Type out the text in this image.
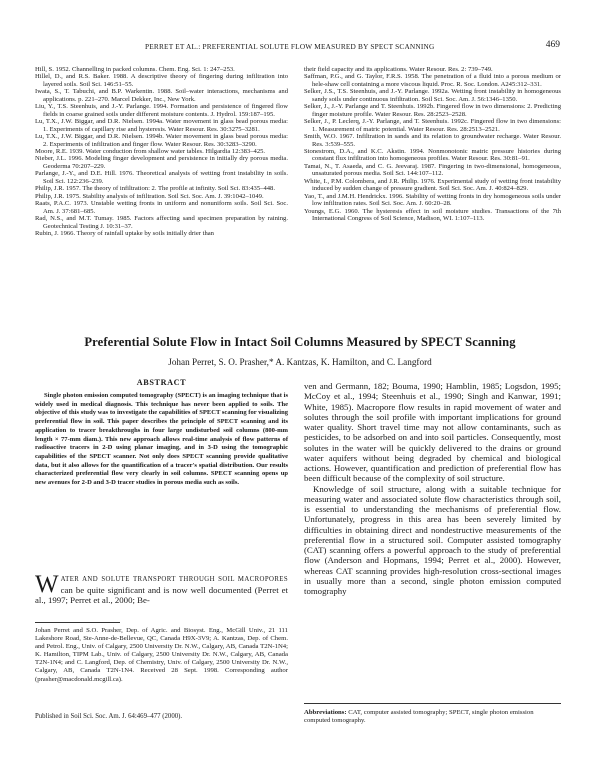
PERRET ET AL.: PREFERENTIAL SOLUTE FLOW MEASURED BY SPECT SCANNING	469

Hill, S. 1952. Channelling in packed columns. Chem. Eng. Sci. 1: 247–253.

Hillel, D., and R.S. Baker. 1988. A descriptive theory of fingering during infiltration into layered soils. Soil Sci. 146:51–55.

Iwata, S., T. Tabuchi, and B.P. Warkentin. 1988. Soil–water interactions, mechanisms and applications. p. 221–270. Marcel Dekker, Inc., New York.

Liu, Y., T.S. Steenhuis, and J.-Y. Parlange. 1994. Formation and persistence of fingered flow fields in coarse grained soils under different moisture contents. J. Hydrol. 159:187–195.

Lu, T.X., J.W. Biggar, and D.R. Nielsen. 1994a. Water movement in glass bead porous media: 1. Experiments of capillary rise and hysteresis. Water Resour. Res. 30:3275–3281.

Lu, T.X., J.W. Biggar, and D.R. Nielsen. 1994b. Water movement in glass bead porous media: 2. Experiments of infiltration and finger flow. Water Resour. Res. 30:3283–3290.

Moore, R.E. 1939. Water conduction from shallow water tables. Hilgardia 12:383–425.

Nieber, J.L. 1996. Modeling finger development and persistence in initially dry porous media. Geoderma 70:207–229.

Parlange, J.-Y., and D.E. Hill. 1976. Theoretical analysis of wetting front instability in soils. Soil Sci. 122:236–239.

Philip, J.R. 1957. The theory of infiltration: 2. The profile at infinity. Soil Sci. 83:435–448.

Philip, J.R. 1975. Stability analysis of infiltration. Soil Sci. Soc. Am. J. 39:1042–1049.

Raats, P.A.C. 1973. Unstable wetting fronts in uniform and nonuniform soils. Soil Sci. Soc. Am. J. 37:681–685.

Rad, N.S., and M.T. Tumay. 1985. Factors affecting sand specimen preparation by raining. Geotechnical Testing J. 10:31–37.

Rubin, J. 1966. Theory of rainfall uptake by soils initially drier than

their field capacity and its applications. Water Resour. Res. 2: 739–749.

Saffman, P.G., and G. Taylor, F.R.S. 1958. The penetration of a fluid into a porous medium or hele-shaw cell containing a more viscous liquid. Proc. R. Soc. London. A245:312–331.

Selker, J.S., T.S. Steenhuis, and J.-Y. Parlange. 1992a. Wetting front instability in homogeneous sandy soils under continuous infiltration. Soil Sci. Soc. Am. J. 56:1346–1350.

Selker, J., J.-Y. Parlange and T. Steenhuis. 1992b. Fingered flow in two dimensions: 2. Predicting finger moisture profile. Water Resour. Res. 28:2523–2528.

Selker, J., P. Leclerq, J.-Y. Parlange, and T. Steenhuis. 1992c. Fingered flow in two dimensions: 1. Measurement of matric potential. Water Resour. Res. 28:2513–2521.

Smith, W.O. 1967. Infiltration in sands and its relation to groundwater recharge. Water Resour. Res. 3:539–555.

Stonestrom, D.A., and K.C. Akstin. 1994. Nonmonotonic matric pressure histories during constant flux infiltration into homogeneous profiles. Water Resour. Res. 30:81–91.

Tamai, N., T. Asaeda, and C. G. Jeevaraj. 1987. Fingering in two-dimensional, homogeneous, unsaturated porous media. Soil Sci. 144:107–112.

White, I., P.M. Colombera, and J.R. Philip. 1976. Experimental study of wetting front instability induced by sudden change of pressure gradient. Soil Sci. Soc. Am. J. 40:824–829.

Yao, T., and J.M.H. Hendrickx. 1996. Stability of wetting fronts in dry homogeneous soils under low infiltration rates. Soil Sci. Soc. Am. J. 60:20–28.

Youngs, E.G. 1960. The hysteresis effect in soil moisture studies. Transactions of the 7th International Congress of Soil Science, Madison, WI. 1:107–113.

Preferential Solute Flow in Intact Soil Columns Measured by SPECT Scanning
Johan Perret, S. O. Prasher,* A. Kantzas, K. Hamilton, and C. Langford
ABSTRACT
Single photon emission computed tomography (SPECT) is an imaging technique that is widely used in medical diagnosis. This technique has never been applied to soils. The objective of this study was to investigate the capabilities of SPECT scanning for visualizing preferential flow in soil. This paper describes the principle of SPECT scanning and its application to tracer breakthroughs in four large undisturbed soil columns (800-mm length × 77-mm diam.). This new approach allows real-time analysis of flow patterns of radioactive tracers in 2-D using planar imaging, and in 3-D using the tomographic capabilities of the SPECT scanner. Not only does SPECT scanning provide qualitative data, but it also allows for the quantification of a tracer's spatial distribution. Our results characterized preferential flow very clearly in soil columns. SPECT scanning opens up new avenues for 2-D and 3-D tracer studies in porous media such as soils.
WATER AND SOLUTE TRANSPORT THROUGH SOIL MACROPORES can be quite significant and is now well documented (Perret et al., 1997; Perret et al., 2000; Be-
Johan Perret and S.O. Prasher, Dep. of Agric. and Biosyst. Eng., McGill Univ., 21 111 Lakeshore Road, Ste-Anne-de-Bellevue, QC, Canada H9X-3V9; A. Kantzas, Dep. of Chem. and Petrol. Eng., Univ. of Calgary, 2500 University Dr. N.W., Calgary, AB, Canada T2N-1N4; K. Hamilton, TIPM Lab., Univ. of Calgary, 2500 University Dr. N.W., Calgary, AB, Canada T2N-1N4; and C. Langford, Dep. of Chemistry, Univ. of Calgary, 2500 University Dr. N.W., Calgary, AB, Canada T2N-1N4. Received 28 Sept. 1998. Corresponding author (prasher@macdonald.mcgill.ca).
Published in Soil Sci. Soc. Am. J. 64:469–477 (2000).

ven and Germann, 182; Bouma, 1990; Hamblin, 1985; Logsdon, 1995; McCoy et al., 1994; Steenhuis et al., 1990; Singh and Kanwar, 1991; White, 1985). Macropore flow results in rapid movement of water and solutes through the soil profile with important implications for ground water quality. Short travel time may not allow contaminants, such as pesticides, to be adsorbed on and into soil particles. Consequently, most solutes in the water will be quickly delivered to the drains or ground water aquifers without being degraded by chemical and biological actions. However, quantification and prediction of preferential flow has been difficult because of the complexity of soil structure.

Knowledge of soil structure, along with a suitable technique for measuring water and associated solute flow characteristics through soil, is essential to understanding the mechanisms of preferential flow. Unfortunately, progress in this area has been severely limited by difficulties in obtaining direct and nondestructive measurements of the preferential flow in a structured soil. Computer assisted tomography (CAT) scanning offers a powerful approach to the study of preferential flow (Anderson and Hopmans, 1994; Perret et al., 2000). However, whereas CAT scanning provides high-resolution cross-sectional images in usually more than a second, single photon emission computed tomography

Abbreviations: CAT, computer assisted tomography; SPECT, single photon emission computed tomography.
